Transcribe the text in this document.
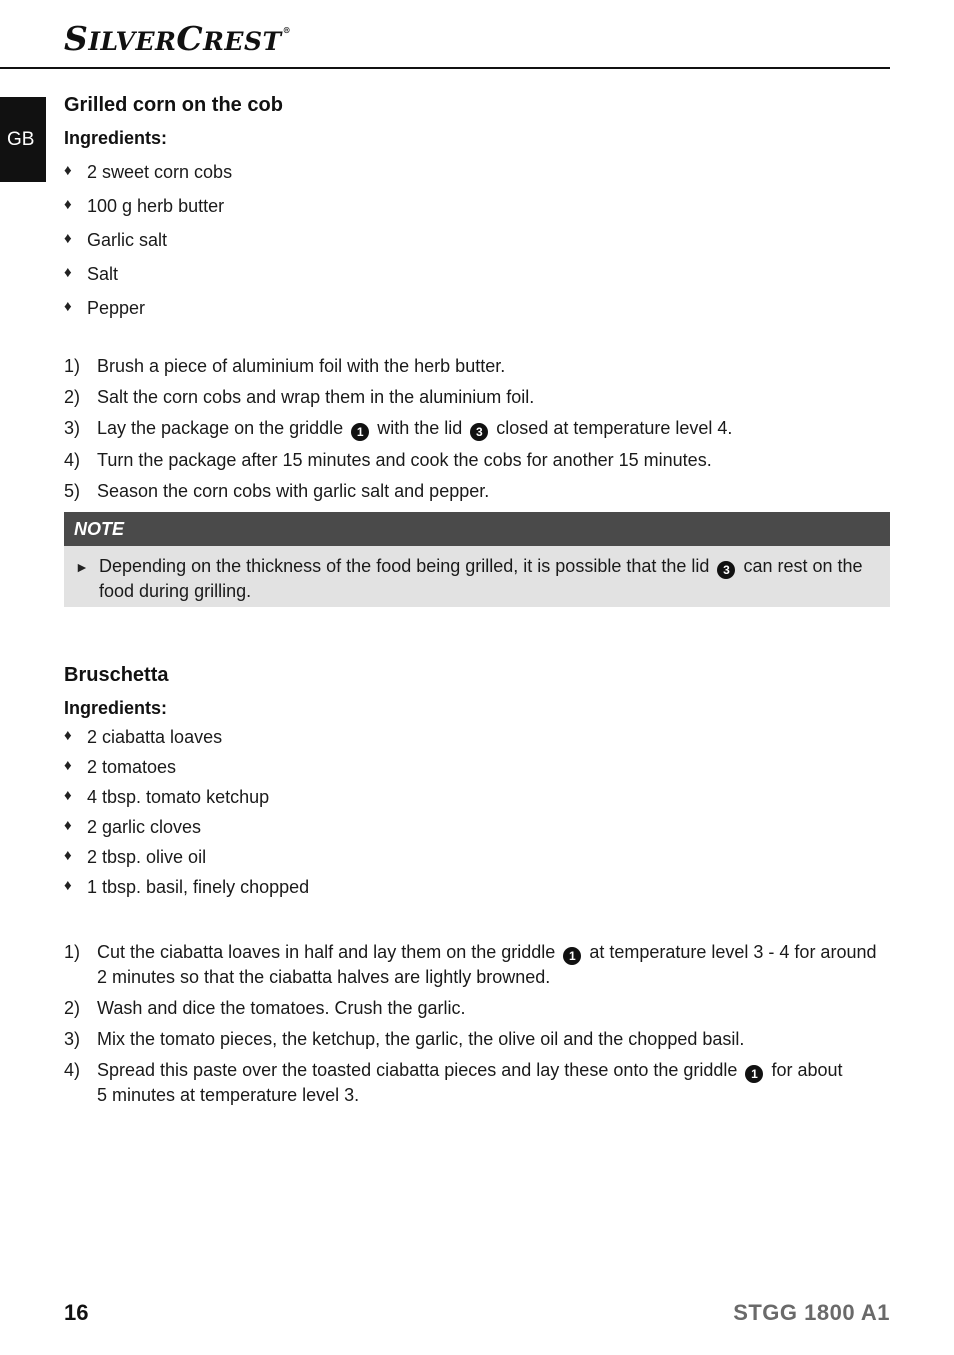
SILVERCREST®
GB
Grilled corn on the cob
Ingredients:
♦ 2 sweet corn cobs
♦ 100 g herb butter
♦ Garlic salt
♦ Salt
♦ Pepper
1) Brush a piece of aluminium foil with the herb butter.
2) Salt the corn cobs and wrap them in the aluminium foil.
3) Lay the package on the griddle 1 with the lid 3 closed at temperature level 4.
4) Turn the package after 15 minutes and cook the cobs for another 15 minutes.
5) Season the corn cobs with garlic salt and pepper.
NOTE
► Depending on the thickness of the food being grilled, it is possible that the lid 3 can rest on the
food during grilling.
Bruschetta
Ingredients:
♦ 2 ciabatta loaves
♦ 2 tomatoes
♦ 4 tbsp. tomato ketchup
♦ 2 garlic cloves
♦ 2 tbsp. olive oil
♦ 1 tbsp. basil, finely chopped
1) Cut the ciabatta loaves in half and lay them on the griddle 1 at temperature level 3 - 4 for around
2 minutes so that the ciabatta halves are lightly browned.
2) Wash and dice the tomatoes. Crush the garlic.
3) Mix the tomato pieces, the ketchup, the garlic, the olive oil and the chopped basil.
4) Spread this paste over the toasted ciabatta pieces and lay these onto the griddle 1 for about
5 minutes at temperature level 3.
16	STGG 1800 A1
